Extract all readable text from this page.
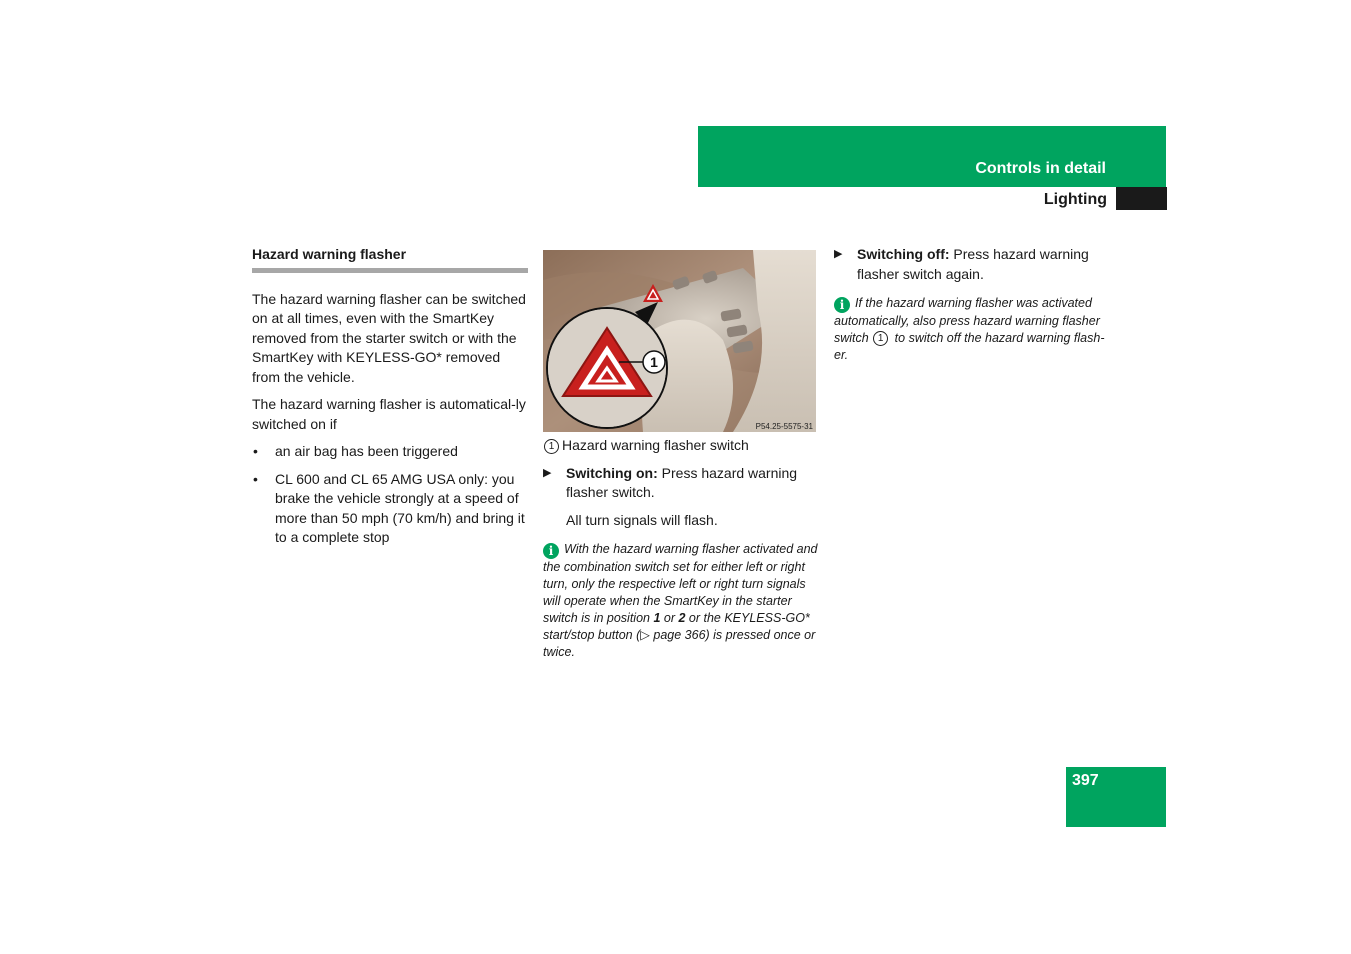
Controls in detail
Lighting
397
Hazard warning flasher

The hazard warning flasher can be switched on at all times, even with the SmartKey removed from the starter switch or with the SmartKey with KEYLESS-GO* removed from the vehicle.

The hazard warning flasher is automatical-ly switched on if

• an air bag has been triggered
• CL 600 and CL 65 AMG USA only: you brake the vehicle strongly at a speed of more than 50 mph (70 km/h) and bring it to a complete stop
1
P54.25-5575-31

1 Hazard warning flasher switch

▶ Switching on: Press hazard warning flasher switch.

All turn signals will flash.

i With the hazard warning flasher activated and the combination switch set for either left or right turn, only the respective left or right turn signals will operate when the SmartKey in the starter switch is in position 1 or 2 or the KEYLESS-GO* start/stop button (▷ page 366) is pressed once or twice.

▶ Switching off: Press hazard warning flasher switch again.

i If the hazard warning flasher was activated automatically, also press hazard warning flasher switch 1 to switch off the hazard warning flash-er.
